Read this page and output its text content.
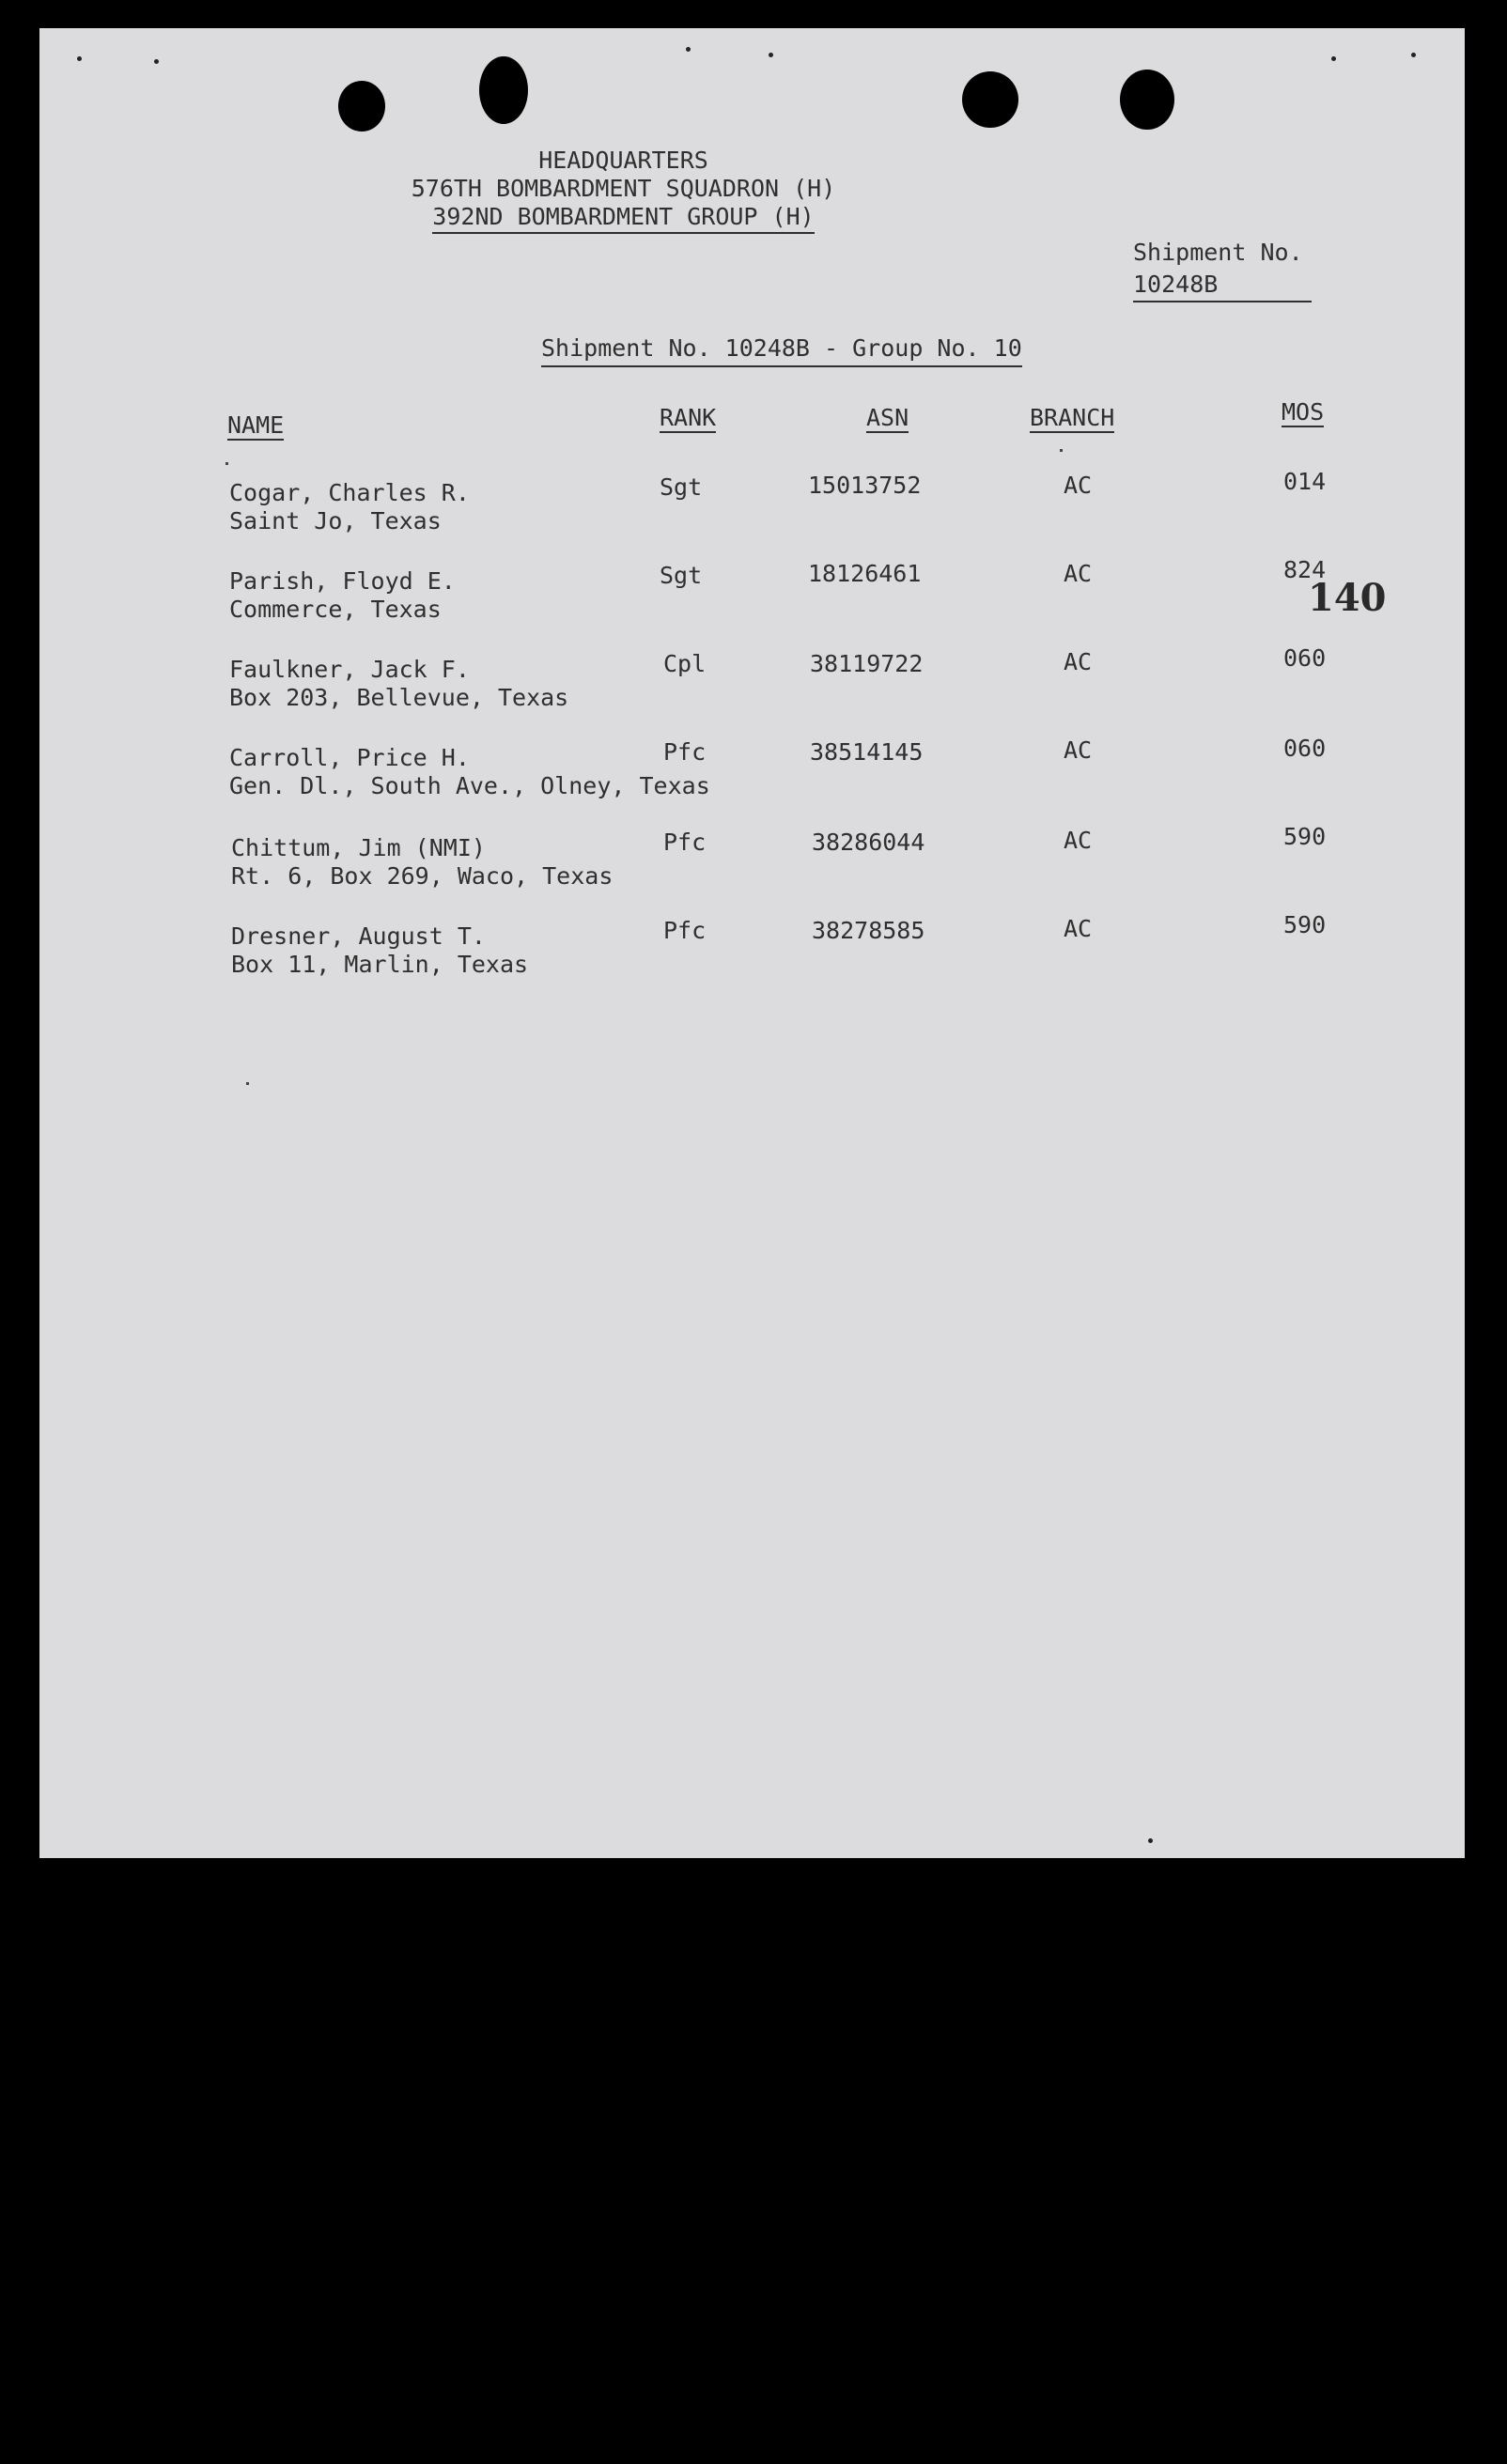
HEADQUARTERS
576TH BOMBARDMENT SQUADRON (H)
392ND BOMBARDMENT GROUP (H)
Shipment No.

10248B
Shipment No. 10248B - Group No. 10
NAME	RANK	ASN	BRANCH	MOS
Cogar, Charles R.
Saint Jo, Texas
Sgt	15013752	AC	014
Parish, Floyd E.
Commerce, Texas
Sgt	18126461	AC	824
140
Faulkner, Jack F.
Box 203, Bellevue, Texas
Cpl	38119722	AC	060
Carroll, Price H.
Gen. Dl., South Ave., Olney, Texas
Pfc	38514145	AC	060
Chittum, Jim (NMI)
Rt. 6, Box 269, Waco, Texas
Pfc	38286044	AC	590
Dresner, August T.
Box 11, Marlin, Texas
Pfc	38278585	AC	590
